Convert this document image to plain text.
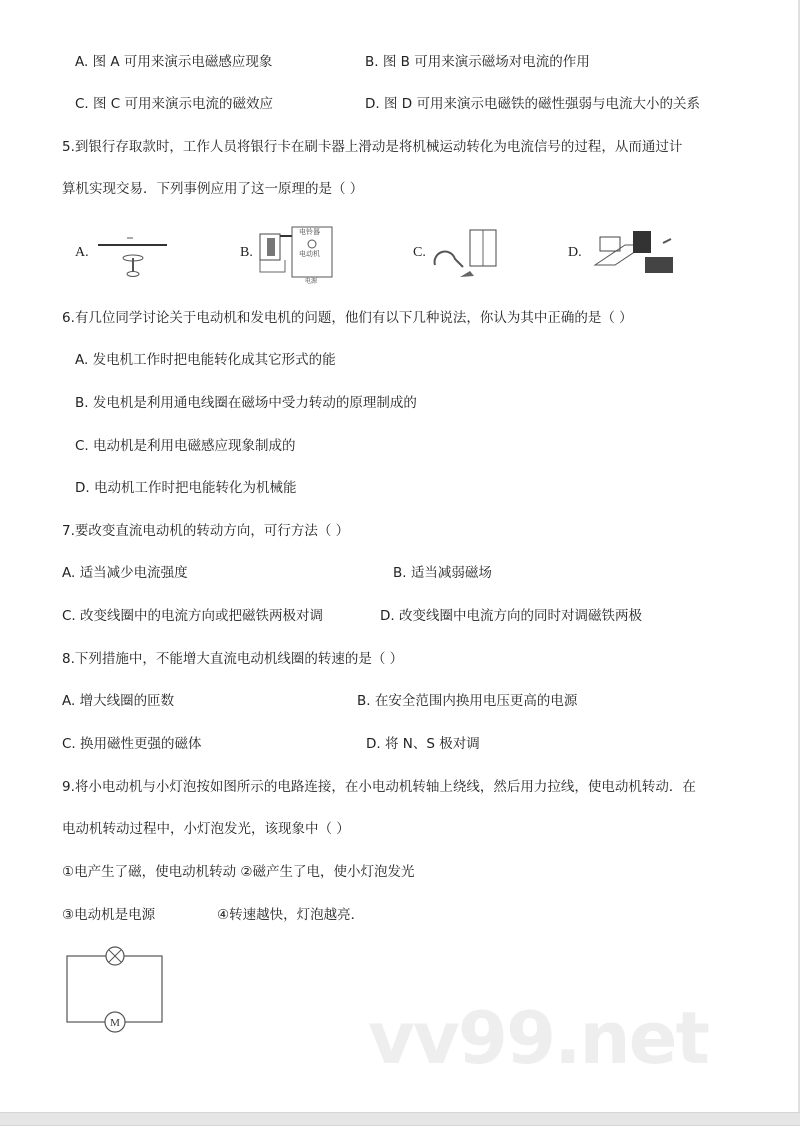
A. 图 A 可用来演示电磁感应现象	B. 图 B 可用来演示磁场对电流的作用
C. 图 C 可用来演示电流的磁效应	D. 图 D 可用来演示电磁铁的磁性强弱与电流大小的关系
5.到银行存取款时，工作人员将银行卡在刷卡器上滑动是将机械运动转化为电流信号的过程，从而通过计
算机实现交易．下列事例应用了这一原理的是（ ）
A.	B.
电铃器
电动机
电源
C.	D.
6.有几位同学讨论关于电动机和发电机的问题，他们有以下几种说法，你认为其中正确的是（ ）
A. 发电机工作时把电能转化成其它形式的能
B. 发电机是利用通电线圈在磁场中受力转动的原理制成的
C. 电动机是利用电磁感应现象制成的
D. 电动机工作时把电能转化为机械能
7.要改变直流电动机的转动方向，可行方法（ ）
A. 适当减少电流强度	B. 适当减弱磁场
C. 改变线圈中的电流方向或把磁铁两极对调	D. 改变线圈中电流方向的同时对调磁铁两极
8.下列措施中，不能增大直流电动机线圈的转速的是（ ）
A. 增大线圈的匝数	B. 在安全范围内换用电压更高的电源
C. 换用磁性更强的磁体	D. 将 N、S 极对调
9.将小电动机与小灯泡按如图所示的电路连接，在小电动机转轴上绕线，然后用力拉线，使电动机转动．在
电动机转动过程中，小灯泡发光，该现象中（ ）
①电产生了磁，使电动机转动 ②磁产生了电，使小灯泡发光
③电动机是电源	④转速越快，灯泡越亮．
M	vv99.net
